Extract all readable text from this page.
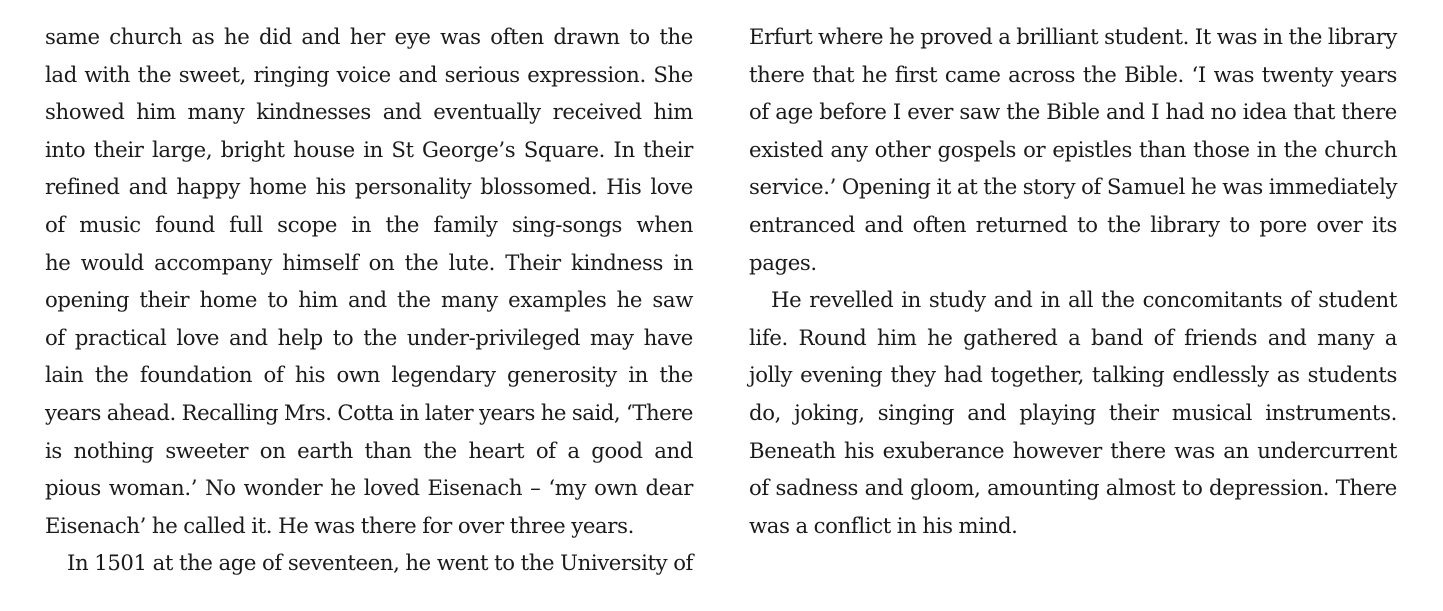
same church as he did and her eye was often drawn to the
lad with the sweet, ringing voice and serious expression. She
showed him many kindnesses and eventually received him
into their large, bright house in St George’s Square. In their
refined and happy home his personality blossomed. His love
of music found full scope in the family sing-songs when
he would accompany himself on the lute. Their kindness in
opening their home to him and the many examples he saw
of practical love and help to the under-privileged may have
lain the foundation of his own legendary generosity in the
years ahead. Recalling Mrs. Cotta in later years he said, ‘There
is nothing sweeter on earth than the heart of a good and
pious woman.’ No wonder he loved Eisenach – ‘my own dear
Eisenach’ he called it. He was there for over three years.
In 1501 at the age of seventeen, he went to the University of
Erfurt where he proved a brilliant student. It was in the library
there that he first came across the Bible. ‘I was twenty years
of age before I ever saw the Bible and I had no idea that there
existed any other gospels or epistles than those in the church
service.’ Opening it at the story of Samuel he was immediately
entranced and often returned to the library to pore over its
pages.
He revelled in study and in all the concomitants of student
life. Round him he gathered a band of friends and many a
jolly evening they had together, talking endlessly as students
do, joking, singing and playing their musical instruments.
Beneath his exuberance however there was an undercurrent
of sadness and gloom, amounting almost to depression. There
was a conflict in his mind.
